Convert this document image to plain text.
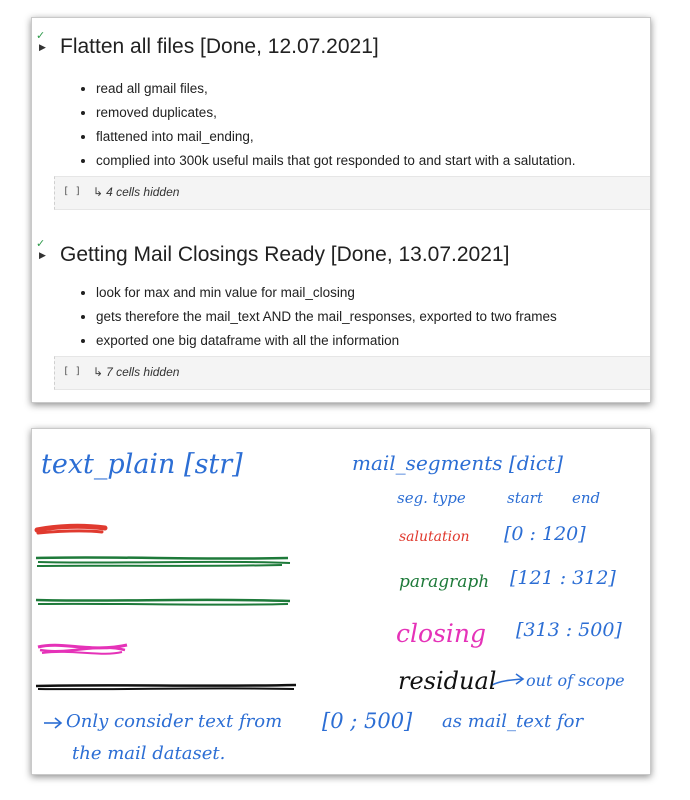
✓
▶ Flatten all files [Done, 12.07.2021]
• read all gmail files,
• removed duplicates,
• flattened into mail_ending,
• complied into 300k useful mails that got responded to and start with a salutation.
[ ] ↳ 4 cells hidden
✓
▶ Getting Mail Closings Ready [Done, 13.07.2021]
• look for max and min value for mail_closing
• gets therefore the mail_text AND the mail_responses, exported to two frames
• exported one big dataframe with all the information
[ ] ↳ 7 cells hidden
text_plain [str]	mail_segments [dict]
seg. type	start end
salutation [0 : 120]
paragraph [121 : 312]
closing [313 : 500]
residual out of scope
Only consider text from [0 ; 500] as mail_text for
the mail dataset.
